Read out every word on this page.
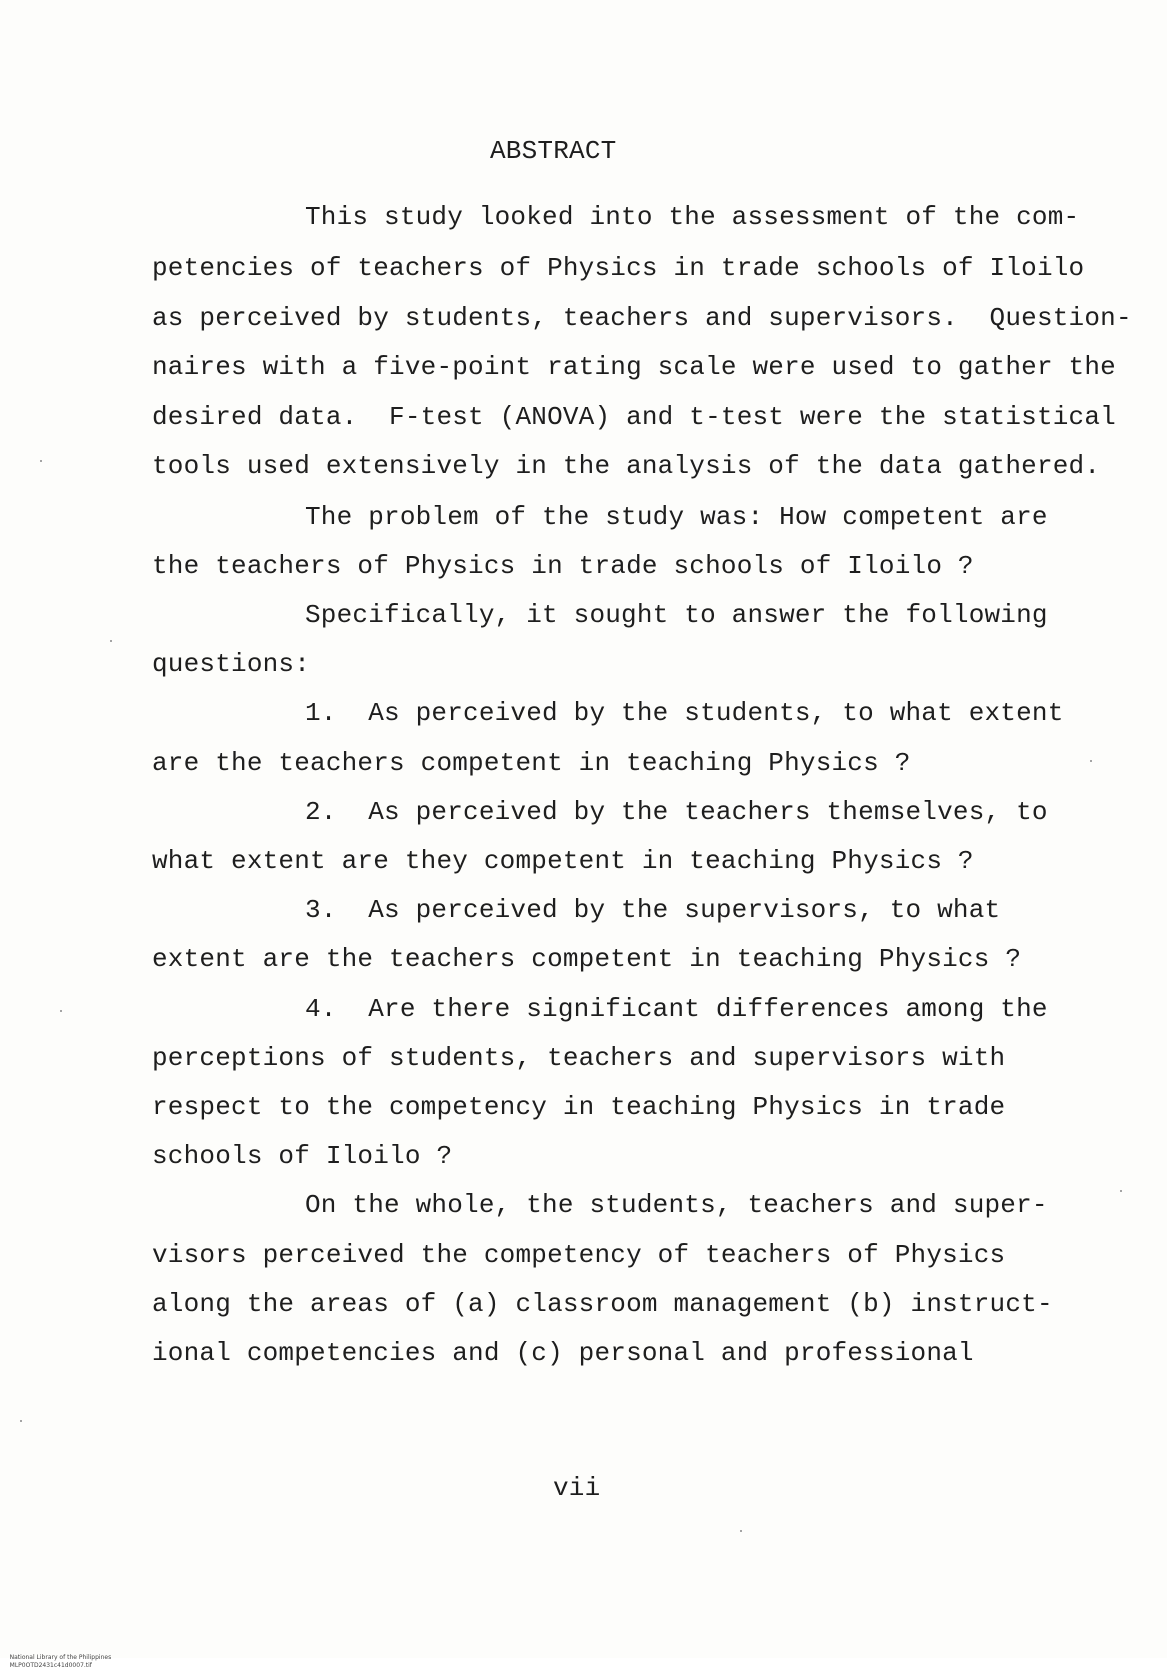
ABSTRACT
This study looked into the assessment of the com-
petencies of teachers of Physics in trade schools of Iloilo
as perceived by students, teachers and supervisors.  Question-
naires with a five-point rating scale were used to gather the
desired data.  F-test (ANOVA) and t-test were the statistical
tools used extensively in the analysis of the data gathered.
The problem of the study was: How competent are
the teachers of Physics in trade schools of Iloilo ?
Specifically, it sought to answer the following
questions:
1.  As perceived by the students, to what extent
are the teachers competent in teaching Physics ?
2.  As perceived by the teachers themselves, to
what extent are they competent in teaching Physics ?
3.  As perceived by the supervisors, to what
extent are the teachers competent in teaching Physics ?
4.  Are there significant differences among the
perceptions of students, teachers and supervisors with
respect to the competency in teaching Physics in trade
schools of Iloilo ?
On the whole, the students, teachers and super-
visors perceived the competency of teachers of Physics
along the areas of (a) classroom management (b) instruct-
ional competencies and (c) personal and professional
vii

National Library of the Philippines
MLP0OTD2431c41d0007.tif
